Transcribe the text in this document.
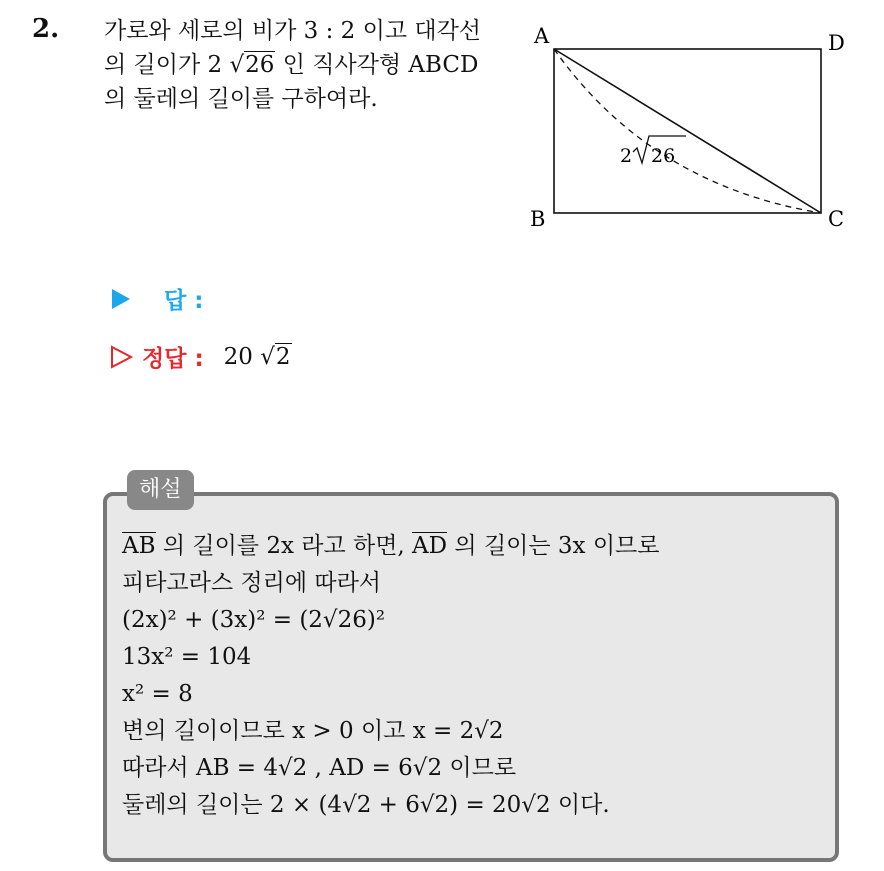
2. 가로와 세로의 비가 3 : 2 이고 대각선
의 길이가 2 √26 인 직사각형 ABCD
의 둘레의 길이를 구하여라.
A	D
B	C
2 26
답 :
정답 : 20 √2
해설
AB 의 길이를 2x 라고 하면, AD 의 길이는 3x 이므로
피타고라스 정리에 따라서
(2x)² + (3x)² = (2√26)²
13x² = 104
x² = 8
변의 길이이므로 x > 0 이고 x = 2√2
따라서 AB = 4√2 , AD = 6√2 이므로
둘레의 길이는 2 × (4√2 + 6√2) = 20√2 이다.
